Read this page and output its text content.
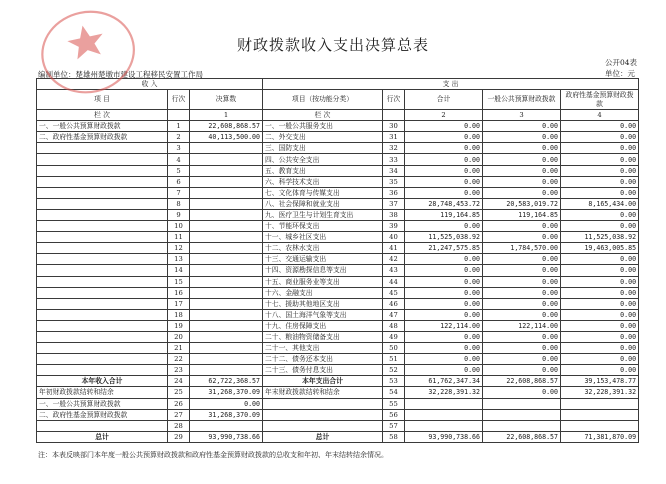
财政拨款收入支出决算总表
公开04表
编制单位：楚雄州楚墩市建设工程移民安置工作局	单位：元
收 入			支 出				
项 目	行次	决算数	项目（按功能分类）	行次	合计	一般公共预算财政拨款	政府性基金预算财政拨款
栏 次		1	栏 次		2	3	4
一、一般公共预算财政拨款	1	22,608,868.57	一、一般公共服务支出	30	0.00	0.00	0.00
二、政府性基金预算财政拨款	2	40,113,500.00	二、外交支出	31	0.00	0.00	0.00
	3		三、国防支出	32	0.00	0.00	0.00
	4		四、公共安全支出	33	0.00	0.00	0.00
	5		五、教育支出	34	0.00	0.00	0.00
	6		六、科学技术支出	35	0.00	0.00	0.00
	7		七、文化体育与传媒支出	36	0.00	0.00	0.00
	8		八、社会保障和就业支出	37	28,748,453.72	20,583,019.72	8,165,434.00
	9		九、医疗卫生与计划生育支出	38	119,164.85	119,164.85	0.00
	10		十、节能环保支出	39	0.00	0.00	0.00
	11		十一、城乡社区支出	40	11,525,038.92	0.00	11,525,038.92
	12		十二、农林水支出	41	21,247,575.85	1,784,570.00	19,463,005.85
	13		十三、交通运输支出	42	0.00	0.00	0.00
	14		十四、资源勘探信息等支出	43	0.00	0.00	0.00
	15		十五、商业服务业等支出	44	0.00	0.00	0.00
	16		十六、金融支出	45	0.00	0.00	0.00
	17		十七、援助其他地区支出	46	0.00	0.00	0.00
	18		十八、国土海洋气象等支出	47	0.00	0.00	0.00
	19		十九、住房保障支出	48	122,114.00	122,114.00	0.00
	20		二十、粮油物资储备支出	49	0.00	0.00	0.00
	21		二十一、其他支出	50	0.00	0.00	0.00
	22		二十二、债务还本支出	51	0.00	0.00	0.00
	23		二十三、债务付息支出	52	0.00	0.00	0.00
本年收入合计	24	62,722,368.57	本年支出合计	53	61,762,347.34	22,608,868.57	39,153,478.77
年初财政拨款结转和结余	25	31,268,370.09	年末财政拨款结转和结余	54	32,228,391.32	0.00	32,228,391.32
一、一般公共预算财政拨款	26	0.00		55			
二、政府性基金预算财政拨款	27	31,268,370.09		56			
	28			57			
总计	29	93,990,738.66	总计	58	93,990,738.66	22,608,868.57	71,381,870.09
注：本表反映部门本年度一般公共预算财政拨款和政府性基金预算财政拨款的总收支和年初、年末结转结余情况。
